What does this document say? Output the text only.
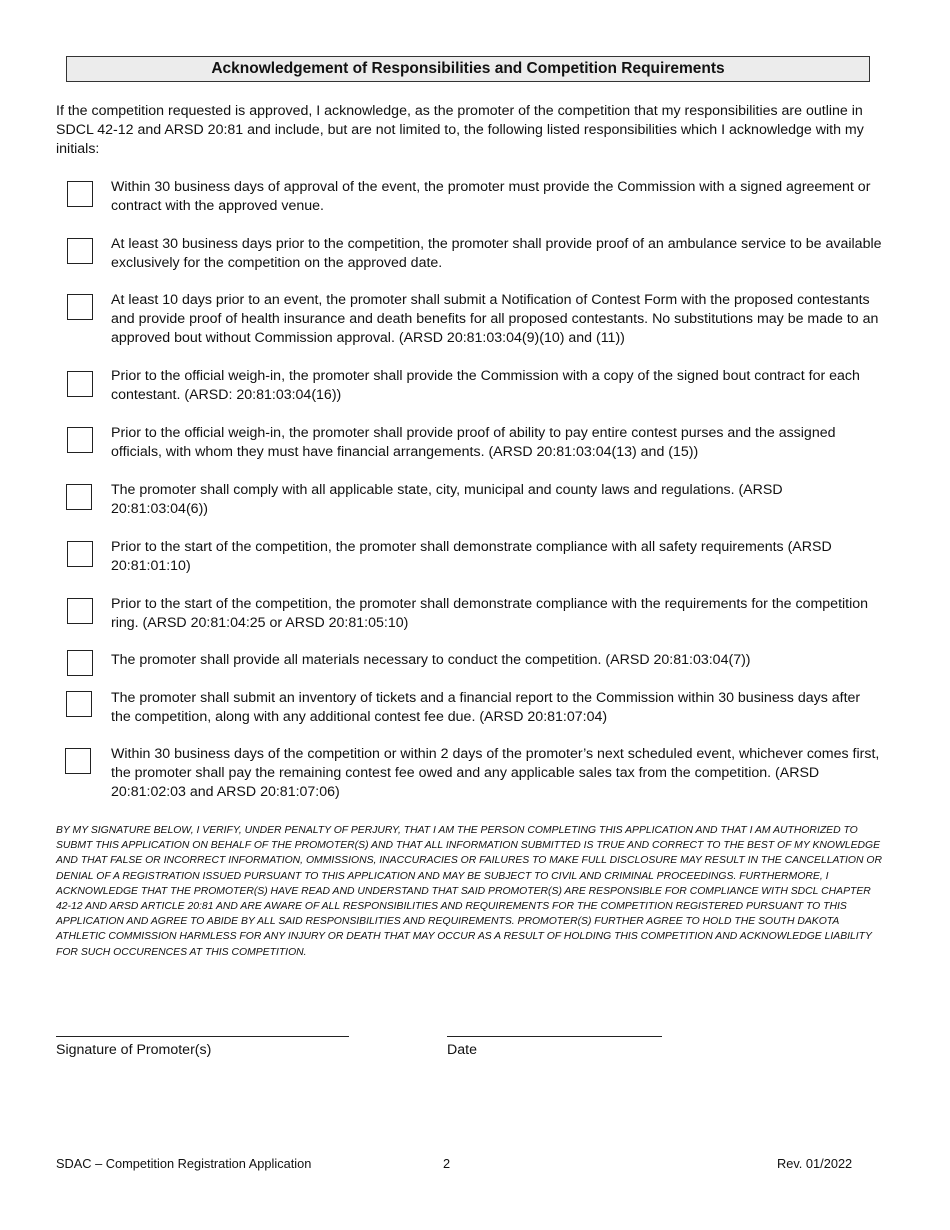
Acknowledgement of Responsibilities and Competition Requirements
If the competition requested is approved, I acknowledge, as the promoter of the competition that my responsibilities are outline in SDCL 42-12 and ARSD 20:81 and include, but are not limited to, the following listed responsibilities which I acknowledge with my initials:
Within 30 business days of approval of the event, the promoter must provide the Commission with a signed agreement or contract with the approved venue.
At least 30 business days prior to the competition, the promoter shall provide proof of an ambulance service to be available exclusively for the competition on the approved date.
At least 10 days prior to an event, the promoter shall submit a Notification of Contest Form with the proposed contestants and provide proof of health insurance and death benefits for all proposed contestants. No substitutions may be made to an approved bout without Commission approval. (ARSD 20:81:03:04(9)(10) and (11))
Prior to the official weigh-in, the promoter shall provide the Commission with a copy of the signed bout contract for each contestant. (ARSD: 20:81:03:04(16))
Prior to the official weigh-in, the promoter shall provide proof of ability to pay entire contest purses and the assigned officials, with whom they must have financial arrangements. (ARSD 20:81:03:04(13) and (15))
The promoter shall comply with all applicable state, city, municipal and county laws and regulations. (ARSD 20:81:03:04(6))
Prior to the start of the competition, the promoter shall demonstrate compliance with all safety requirements (ARSD 20:81:01:10)
Prior to the start of the competition, the promoter shall demonstrate compliance with the requirements for the competition ring. (ARSD 20:81:04:25 or ARSD 20:81:05:10)
The promoter shall provide all materials necessary to conduct the competition. (ARSD 20:81:03:04(7))
The promoter shall submit an inventory of tickets and a financial report to the Commission within 30 business days after the competition, along with any additional contest fee due. (ARSD 20:81:07:04)
Within 30 business days of the competition or within 2 days of the promoter’s next scheduled event, whichever comes first, the promoter shall pay the remaining contest fee owed and any applicable sales tax from the competition. (ARSD 20:81:02:03 and ARSD 20:81:07:06)
BY MY SIGNATURE BELOW, I VERIFY, UNDER PENALTY OF PERJURY, THAT I AM THE PERSON COMPLETING THIS APPLICATION AND THAT I AM AUTHORIZED TO SUBMT THIS APPLICATION ON BEHALF OF THE PROMOTER(S) AND THAT ALL INFORMATION SUBMITTED IS TRUE AND CORRECT TO THE BEST OF MY KNOWLEDGE AND THAT FALSE OR INCORRECT INFORMATION, OMMISSIONS, INACCURACIES OR FAILURES TO MAKE FULL DISCLOSURE MAY RESULT IN THE CANCELLATION OR DENIAL OF A REGISTRATION ISSUED PURSUANT TO THIS APPLICATION AND MAY BE SUBJECT TO CIVIL AND CRIMINAL PROCEEDINGS. FURTHERMORE, I ACKNOWLEDGE THAT THE PROMOTER(S) HAVE READ AND UNDERSTAND THAT SAID PROMOTER(S) ARE RESPONSIBLE FOR COMPLIANCE WITH SDCL CHAPTER 42-12 AND ARSD ARTICLE 20:81 AND ARE AWARE OF ALL RESPONSIBILITIES AND REQUIREMENTS FOR THE COMPETITION REGISTERED PURSUANT TO THIS APPLICATION AND AGREE TO ABIDE BY ALL SAID RESPONSIBILITIES AND REQUIREMENTS. PROMOTER(S) FURTHER AGREE TO HOLD THE SOUTH DAKOTA ATHLETIC COMMISSION HARMLESS FOR ANY INJURY OR DEATH THAT MAY OCCUR AS A RESULT OF HOLDING THIS COMPETITION AND ACKNOWLEDGE LIABILITY FOR SUCH OCCURENCES AT THIS COMPETITION.
Signature of Promoter(s)	Date
SDAC – Competition Registration Application	2	Rev. 01/2022
